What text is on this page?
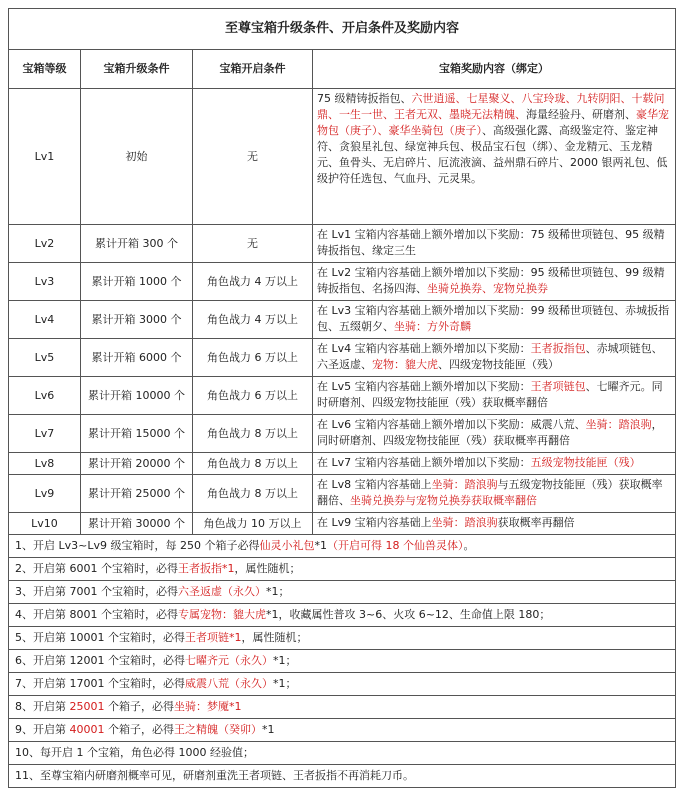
至尊宝箱升级条件、开启条件及奖励内容			
宝箱等级	宝箱升级条件	宝箱开启条件	宝箱奖励内容（绑定）
Lv1	初始	无	75 级精铸扳指包、六世逍遥、七星聚义、八宝玲珑、九转阴阳、十载问鼎、一生一世、王者无双、墨晓无法精魄、海量经验丹、研磨剂、豪华宠物包（庚子）、豪华坐骑包（庚子）、高级强化露、高级鉴定符、鉴定神符、贪狼星礼包、绿宽神兵包、极品宝石包（绑）、金龙精元、玉龙精元、鱼骨头、无启碎片、厄流液滴、益州鼎石碎片、2000 银两礼包、低级护符任选包、气血丹、元灵果。
Lv2	累计开箱 300 个	无	在 Lv1 宝箱内容基础上额外增加以下奖励：75 级稀世项链包、95 级精铸扳指包、缘定三生
Lv3	累计开箱 1000 个	角色战力 4 万以上	在 Lv2 宝箱内容基础上额外增加以下奖励：95 级稀世项链包、99 级精铸扳指包、名扬四海、坐骑兑换券、宠物兑换券
Lv4	累计开箱 3000 个	角色战力 4 万以上	在 Lv3 宝箱内容基础上额外增加以下奖励：99 级稀世项链包、赤城扳指包、五缀朝夕、坐骑：方外奇麟
Lv5	累计开箱 6000 个	角色战力 6 万以上	在 Lv4 宝箱内容基础上额外增加以下奖励：王者扳指包、赤城项链包、六圣返虚、宠物：貔大虎、四级宠物技能匣（残）
Lv6	累计开箱 10000 个	角色战力 6 万以上	在 Lv5 宝箱内容基础上额外增加以下奖励：王者项链包、七曜齐元。同时研磨剂、四级宠物技能匣（残）获取概率翻倍
Lv7	累计开箱 15000 个	角色战力 8 万以上	在 Lv6 宝箱内容基础上额外增加以下奖励：威震八荒、坐骑：踏浪驹，同时研磨剂、四级宠物技能匣（残）获取概率再翻倍
Lv8	累计开箱 20000 个	角色战力 8 万以上	在 Lv7 宝箱内容基础上额外增加以下奖励：五级宠物技能匣（残）
Lv9	累计开箱 25000 个	角色战力 8 万以上	在 Lv8 宝箱内容基础上坐骑：踏浪驹与五级宠物技能匣（残）获取概率翻倍、坐骑兑换券与宠物兑换券获取概率翻倍
Lv10	累计开箱 30000 个	角色战力 10 万以上	在 Lv9 宝箱内容基础上坐骑：踏浪驹获取概率再翻倍
1、开启 Lv3~Lv9 级宝箱时，每 250 个箱子必得仙灵小礼包*1（开启可得 18 个仙兽灵体）。			
2、开启第 6001 个宝箱时，必得王者扳指*1，属性随机；			
3、开启第 7001 个宝箱时，必得六圣返虚（永久）*1；			
4、开启第 8001 个宝箱时，必得专属宠物：貔大虎*1，收藏属性普攻 3~6、火攻 6~12、生命值上限 180；			
5、开启第 10001 个宝箱时，必得王者项链*1，属性随机；			
6、开启第 12001 个宝箱时，必得七曜齐元（永久）*1；			
7、开启第 17001 个宝箱时，必得威震八荒（永久）*1；			
8、开启第 25001 个箱子，必得坐骑：梦魇*1			
9、开启第 40001 个箱子，必得王之精魄（癸卯）*1			
10、每开启 1 个宝箱，角色必得 1000 经验值；			
11、至尊宝箱内研磨剂概率可见，研磨剂重洗王者项链、王者扳指不再消耗刀币。			
